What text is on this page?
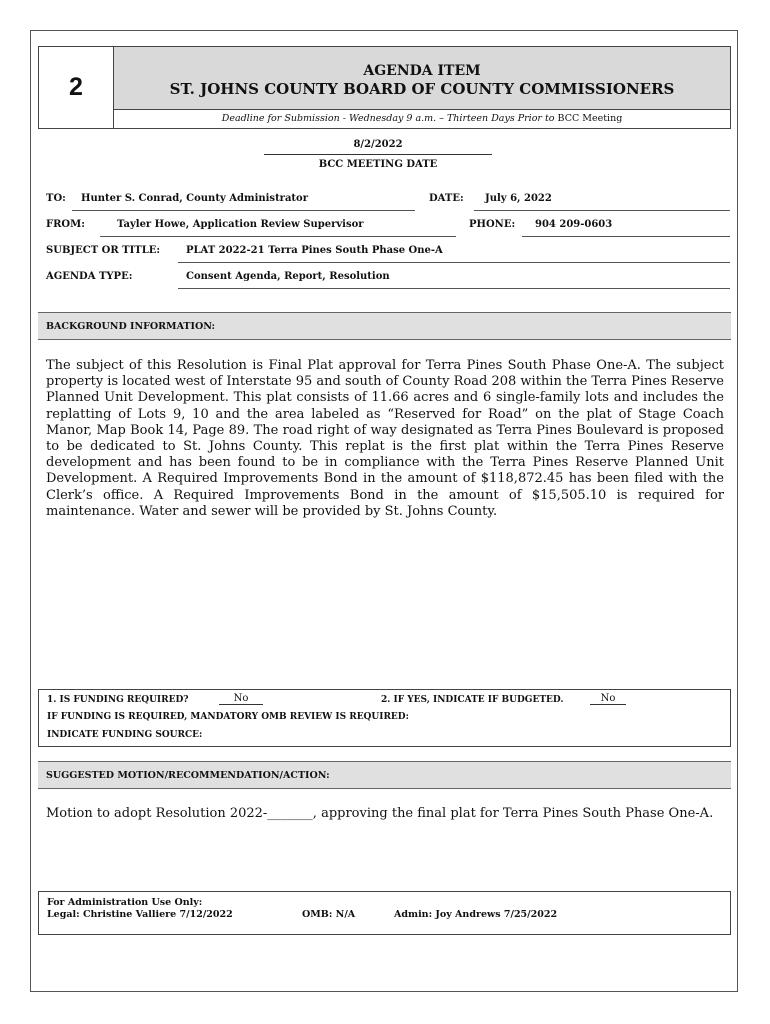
2
AGENDA ITEM
ST. JOHNS COUNTY BOARD OF COUNTY COMMISSIONERS
Deadline for Submission - Wednesday 9 a.m. – Thirteen Days Prior to BCC Meeting
8/2/2022
BCC MEETING DATE
TO: Hunter S. Conrad, County Administrator	DATE: July 6, 2022
FROM:	Tayler Howe, Application Review Supervisor	PHONE: 904 209-0603
SUBJECT OR TITLE:	PLAT 2022-21 Terra Pines South Phase One-A
AGENDA TYPE:	Consent Agenda, Report, Resolution
BACKGROUND INFORMATION:
The subject of this Resolution is Final Plat approval for Terra Pines South Phase One-A. The subject property is located west of Interstate 95 and south of County Road 208 within the Terra Pines Reserve Planned Unit Development. This plat consists of 11.66 acres and 6 single-family lots and includes the replatting of Lots 9, 10 and the area labeled as “Reserved for Road” on the plat of Stage Coach Manor, Map Book 14, Page 89. The road right of way designated as Terra Pines Boulevard is proposed to be dedicated to St. Johns County. This replat is the first plat within the Terra Pines Reserve development and has been found to be in compliance with the Terra Pines Reserve Planned Unit Development. A Required Improvements Bond in the amount of $118,872.45 has been filed with the Clerk’s office. A Required Improvements Bond in the amount of $15,505.10 is required for maintenance. Water and sewer will be provided by St. Johns County.
1. IS FUNDING REQUIRED?	No	2. IF YES, INDICATE IF BUDGETED.	No
IF FUNDING IS REQUIRED, MANDATORY OMB REVIEW IS REQUIRED:
INDICATE FUNDING SOURCE:
SUGGESTED MOTION/RECOMMENDATION/ACTION:
Motion to adopt Resolution 2022-_______, approving the final plat for Terra Pines South Phase One-A.
For Administration Use Only:
Legal: Christine Valliere 7/12/2022	OMB: N/A	Admin: Joy Andrews 7/25/2022
